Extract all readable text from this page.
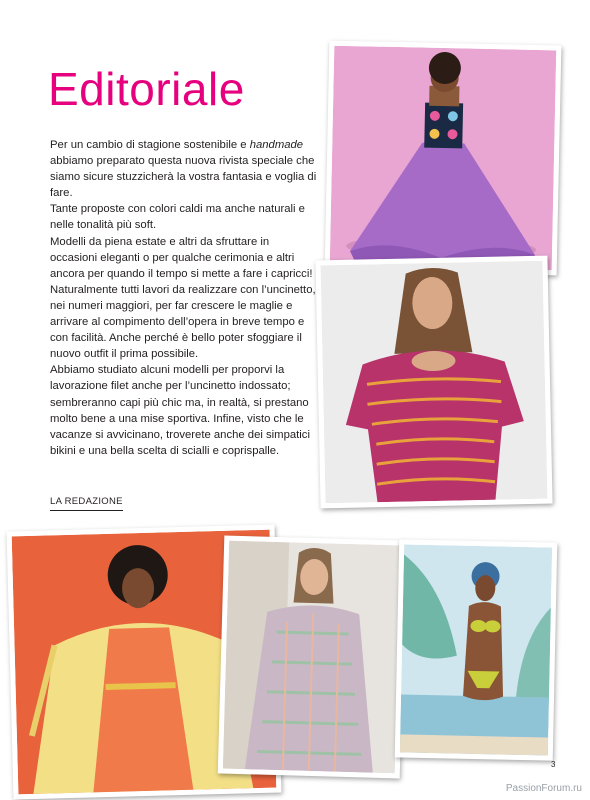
Editoriale

Per un cambio di stagione sostenibile e handmade abbiamo preparato questa nuova rivista speciale che siamo sicure stuzzicherà la vostra fantasia e voglia di fare.

Tante proposte con colori caldi ma anche naturali e nelle tonalità più soft.

Modelli da piena estate e altri da sfruttare in occasioni eleganti o per qualche cerimonia e altri ancora per quando il tempo si mette a fare i capricci! Naturalmente tutti lavori da realizzare con l’uncinetto, nei numeri maggiori, per far crescere le maglie e arrivare al compimento dell’opera in breve tempo e con facilità. Anche perché è bello poter sfoggiare il nuovo outfit il prima possibile.

Abbiamo studiato alcuni modelli per proporvi la lavorazione filet anche per l’uncinetto indossato; sembreranno capi più chic ma, in realtà, si prestano molto bene a una mise sportiva. Infine, visto che le vacanze si avvicinano, troverete anche dei simpatici bikini e una bella scelta di scialli e coprispalle.

LA REDAZIONE
3
PassionForum.ru
